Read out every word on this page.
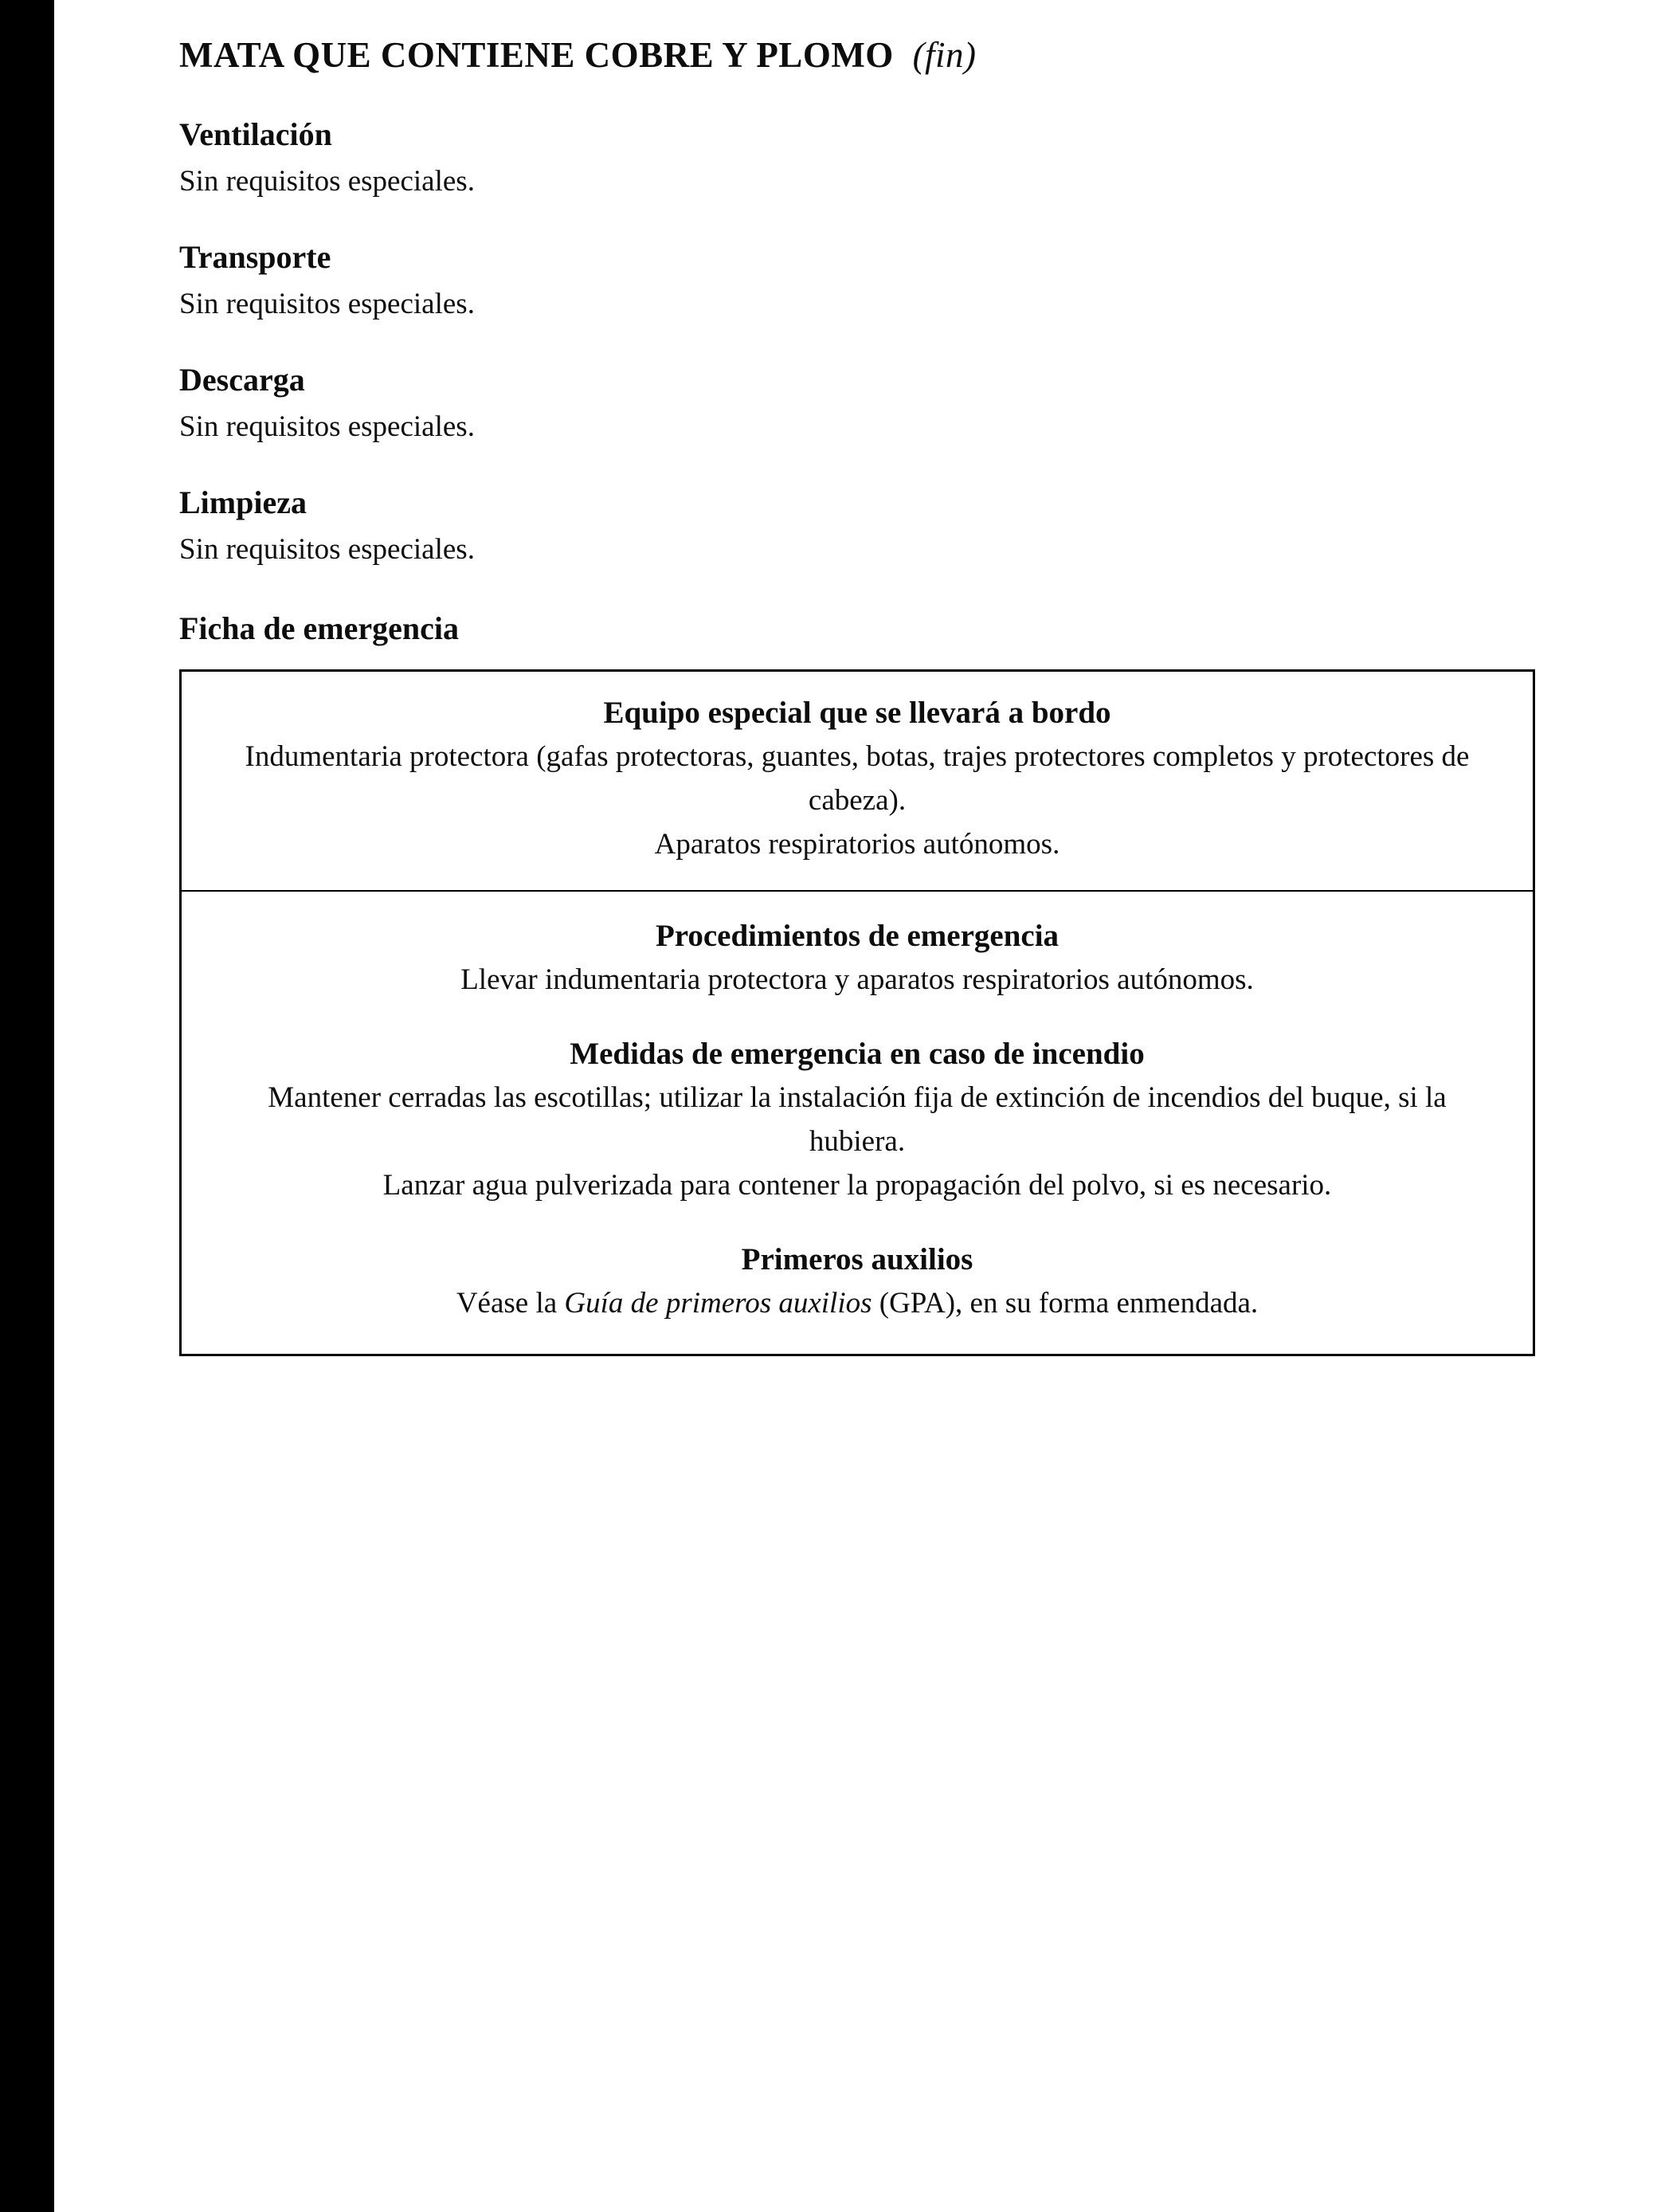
MATA QUE CONTIENE COBRE Y PLOMO (fin)
Ventilación

Sin requisitos especiales.

Transporte

Sin requisitos especiales.

Descarga

Sin requisitos especiales.

Limpieza

Sin requisitos especiales.

Ficha de emergencia

Equipo especial que se llevará a bordo

Indumentaria protectora (gafas protectoras, guantes, botas, trajes protectores completos y protectores de cabeza).

Aparatos respiratorios autónomos.

Procedimientos de emergencia

Llevar indumentaria protectora y aparatos respiratorios autónomos.

Medidas de emergencia en caso de incendio

Mantener cerradas las escotillas; utilizar la instalación fija de extinción de incendios del buque, si la hubiera.

Lanzar agua pulverizada para contener la propagación del polvo, si es necesario.

Primeros auxilios

Véase la Guía de primeros auxilios (GPA), en su forma enmendada.
